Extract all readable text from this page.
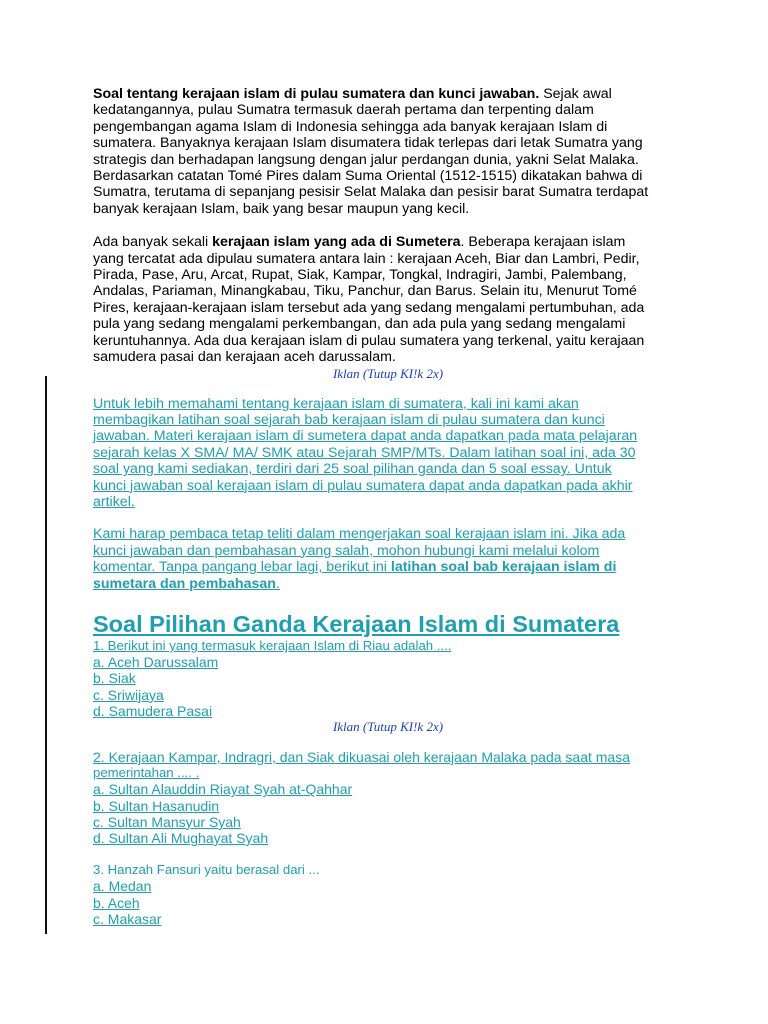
Soal tentang kerajaan islam di pulau sumatera dan kunci jawaban. Sejak awal

kedatangannya, pulau Sumatra termasuk daerah pertama dan terpenting dalam

pengembangan agama Islam di Indonesia sehingga ada banyak kerajaan Islam di

sumatera. Banyaknya kerajaan Islam disumatera tidak terlepas dari letak Sumatra yang

strategis dan berhadapan langsung dengan jalur perdangan dunia, yakni Selat Malaka.

Berdasarkan catatan Tomé Pires dalam Suma Oriental (1512-1515) dikatakan bahwa di

Sumatra, terutama di sepanjang pesisir Selat Malaka dan pesisir barat Sumatra terdapat

banyak kerajaan Islam, baik yang besar maupun yang kecil.

Ada banyak sekali kerajaan islam yang ada di Sumetera. Beberapa kerajaan islam

yang tercatat ada dipulau sumatera antara lain : kerajaan Aceh, Biar dan Lambri, Pedir,

Pirada, Pase, Aru, Arcat, Rupat, Siak, Kampar, Tongkal, Indragiri, Jambi, Palembang,

Andalas, Pariaman, Minangkabau, Tiku, Panchur, dan Barus. Selain itu, Menurut Tomé

Pires, kerajaan-kerajaan islam tersebut ada yang sedang mengalami pertumbuhan, ada

pula yang sedang mengalami perkembangan, dan ada pula yang sedang mengalami

keruntuhannya. Ada dua kerajaan islam di pulau sumatera yang terkenal, yaitu kerajaan

samudera pasai dan kerajaan aceh darussalam.

Iklan (Tutup KI!k 2x)

Untuk lebih memahami tentang kerajaan islam di sumatera, kali ini kami akan

membagikan latihan soal sejarah bab kerajaan islam di pulau sumatera dan kunci

jawaban. Materi kerajaan islam di sumetera dapat anda dapatkan pada mata pelajaran

sejarah kelas X SMA/ MA/ SMK atau Sejarah SMP/MTs. Dalam latihan soal ini, ada 30

soal yang kami sediakan, terdiri dari 25 soal pilihan ganda dan 5 soal essay. Untuk

kunci jawaban soal kerajaan islam di pulau sumatera dapat anda dapatkan pada akhir

artikel.

Kami harap pembaca tetap teliti dalam mengerjakan soal kerajaan islam ini. Jika ada

kunci jawaban dan pembahasan yang salah, mohon hubungi kami melalui kolom

komentar. Tanpa pangang lebar lagi, berikut ini latihan soal bab kerajaan islam di

sumetara dan pembahasan.

Soal Pilihan Ganda Kerajaan Islam di Sumatera

1. Berikut ini yang termasuk kerajaan Islam di Riau adalah ....

a. Aceh Darussalam

b. Siak

c. Sriwijaya

d. Samudera Pasai

Iklan (Tutup KI!k 2x)

2. Kerajaan Kampar, Indragri, dan Siak dikuasai oleh kerajaan Malaka pada saat masa

pemerintahan .... .

a. Sultan Alauddin Riayat Syah at-Qahhar

b. Sultan Hasanudin

c. Sultan Mansyur Syah

d. Sultan Ali Mughayat Syah

3. Hanzah Fansuri yaitu berasal dari ...

a. Medan

b. Aceh

c. Makasar
